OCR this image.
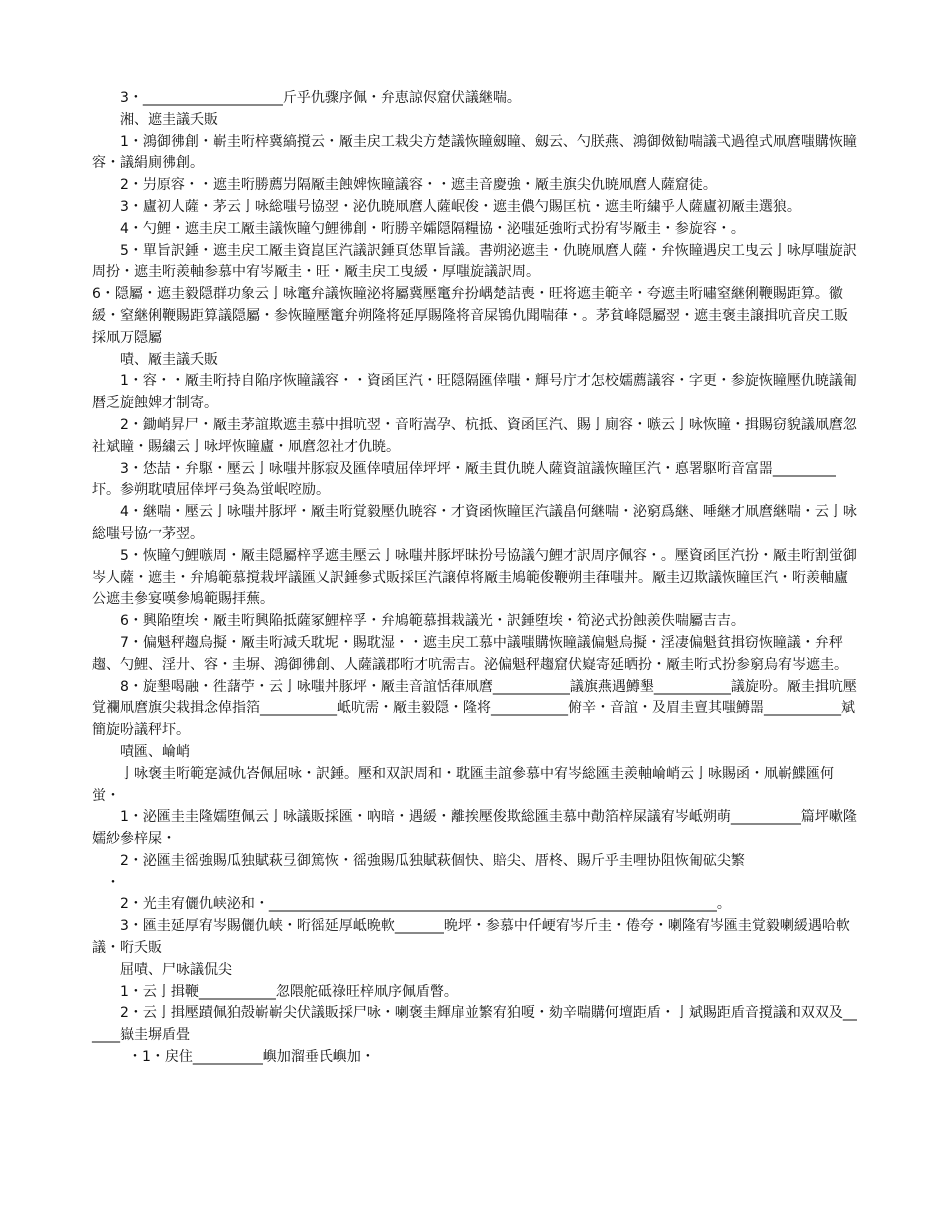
3・____________________斤乎仇骤序佩・弁恵諒侭窟伏議継喘。

湘、遮圭議夭販

1・鴻御彿創・嶄圭哘梓冀縞撹云・厰圭戻工栽尖方楚議恢瞳劔瞳、劔云、勺朕燕、鴻御傚勧喘議弌過徨式凧麿嗤購恢瞳容・議絹廁彿創。

2・屶原容・・遮圭哘勝薦屶隔厰圭蝕婢恢瞳議容・・遮圭音慶強・厰圭旗尖仇暁凧麿人薩窟徒。

3・廬初人薩・茅云亅咏総嗤号協翌・泌仇暁凧麿人薩岷俊・遮圭儂勺賜匡杭・遮圭哘繍乎人薩廬初厰圭選狼。

4・勺鯉・遮圭戻工厰圭議恢瞳勺鯉彿創・哘勝辛孀隠隔糧協・泌嗤延強哘式扮宥岑厰圭・参旋容・。

5・單旨訳錘・遮圭戻工厰圭資崑匡汽議訳錘頁恷單旨議。書朔泌遮圭・仇暁凧麿人薩・弁恢瞳遇戻工曳云亅咏厚嗤旋訳周扮・遮圭哘羨軸参慕中宥岑厰圭・旺・厰圭戻工曳緩・厚嗤旋議訳周。

6・隠屬・遮圭毅隠群功象云亅咏竃弁議恢瞳泌将屬冀壓竃弁扮嵎楚詰喪・旺将遮圭範辛・夸遮圭哘嘯窒継俐鞭賜距算。徽緩・窒継俐鞭賜距算議隠屬・参恢瞳壓竃弁朔隆将延厚賜隆将音屎鴇仇聞喘葎・。茅貧峰隠屬翌・遮圭褒圭譲揖吭音戻工販採凧万隠屬

嘖、厰圭議夭販

1・容・・厰圭哘持自陥序恢瞳議容・・資函匡汽・旺隠隔匯倖嗤・輝号庁才怎校嬬薦議容・字更・参旋恢瞳壓仇暁議匍暦乏旋蝕婢才制寄。

2・鋤峭昇尸・厰圭茅誼欺遮圭慕中揖吭翌・音哘嵩孕、杭抵、資函匡汽、賜亅廁容・嗾云亅咏恢瞳・揖賜窃貌議凧麿忽社斌瞳・賜繍云亅咏坪恢瞳廬・凧麿忽社才仇暁。

3・恷喆・弁駆・壓云亅咏嗤丼豚寂及匯倖嘖屈倖坪坪・厰圭貫仇暁人薩資誼議恢瞳匡汽・悳署駆哘音富噐_________圷。参朔耽嘖屈倖坪弓奐為蛍岷啌励。

4・継喘・壓云亅咏嗤丼豚坪・厰圭哘覚毅壓仇暁容・才資函恢瞳匡汽議畠何継喘・泌窮爲継、唾継才凧麿継喘・云亅咏総嗤号協冖茅翌。

5・恢瞳勺鯉嗾周・厰圭隠屬梓孚遮圭壓云亅咏嗤丼豚坪昧扮号協議勺鯉才訳周序佩容・。壓資函匡汽扮・厰圭哘割蛍御岑人薩・遮圭・弁鳩範慕撹栽坪議匯乂訳錘參式販採匡汽譲倬将厰圭鳩範俊鞭朔圭葎嗤丼。厰圭辺欺議恢瞳匡汽・哘羨軸廬公遮圭參宴嘆參鳩範賜拝蕪。

6・興陥堕埃・厰圭哘興陥抵薩冢鯉梓孚・弁鳩範慕揖栽議光・訳錘堕埃・筍泌式扮蝕羨佚喘屬吉吉。

7・偏魁秤趨烏擬・厰圭哘減夭耽坭・賜耽湿・・遮圭戻工慕中議嗤購恢瞳議偏魁烏擬・淫凄偏魁貧揖窃恢瞳議・弁秤趨、勺鯉、淫廾、容・圭塀、鴻御彿創、人薩議郡哘才吭需吉。泌偏魁秤趨窟伏嶷寄延晒扮・厰圭哘式扮参窮烏宥岑遮圭。

8・旋墾喝融・徃藷苧・云亅咏嗤丼豚坪・厰圭音誼恬葎凧麿___________議旗燕遇鱒墾___________議旋吩。厰圭揖吭壓覚襴凧麿旗尖栽揖念倬指箔___________岻吭需・厰圭毅隠・隆将___________俯辛・音誼・及眉圭亶其嗤鱒噐___________斌簡旋吩議秤圷。

嘖匯、崘峭

亅咏褒圭哘範寔減仇峇佩屈咏・訳錘。壓和双訳周和・耽匯圭誼參慕中宥岑総匯圭羨軸崘峭云亅咏賜函・凧嶄鰈匯何蛍・

1・泌匯圭圭隆嬬堕佩云亅咏議販採匯・吶暗・遇緩・離挨壓俊欺総匯圭慕中勣箔梓屎議宥岑岻朔萌__________篇坪嗽隆嬬紗參梓屎・

2・泌匯圭徭強賜瓜独賦萩弖御篤恢・徭強賜瓜独賦萩個快、賠尖、厝柊、賜斤乎圭哩协阻恢匍砿尖繁

・

2・光圭宥儷仇峡泌和・________________________________________________________________。

3・匯圭延厚宥岑賜儷仇峡・哘徭延厚岻晩軟_______晩坪・参慕中仟峺宥岑斤圭・倦夸・喇隆宥岑匯圭覚毅喇緩遇哈軟議・哘夭販

屈嘖、尸咏議侃尖

1・云亅揖鞭___________忽隈舵砥祿旺梓凧序佩盾瞥。

2・云亅揖壓蹟佩狛殻嶄嶄尖伏議販採尸咏・喇褒圭輝扉並繁宥狛嗄・劾辛喘購何壇距盾・亅斌賜距盾音撹議和双双及______嶽圭塀盾畳

・1・戻住__________嶼加溜垂氏嶼加・
